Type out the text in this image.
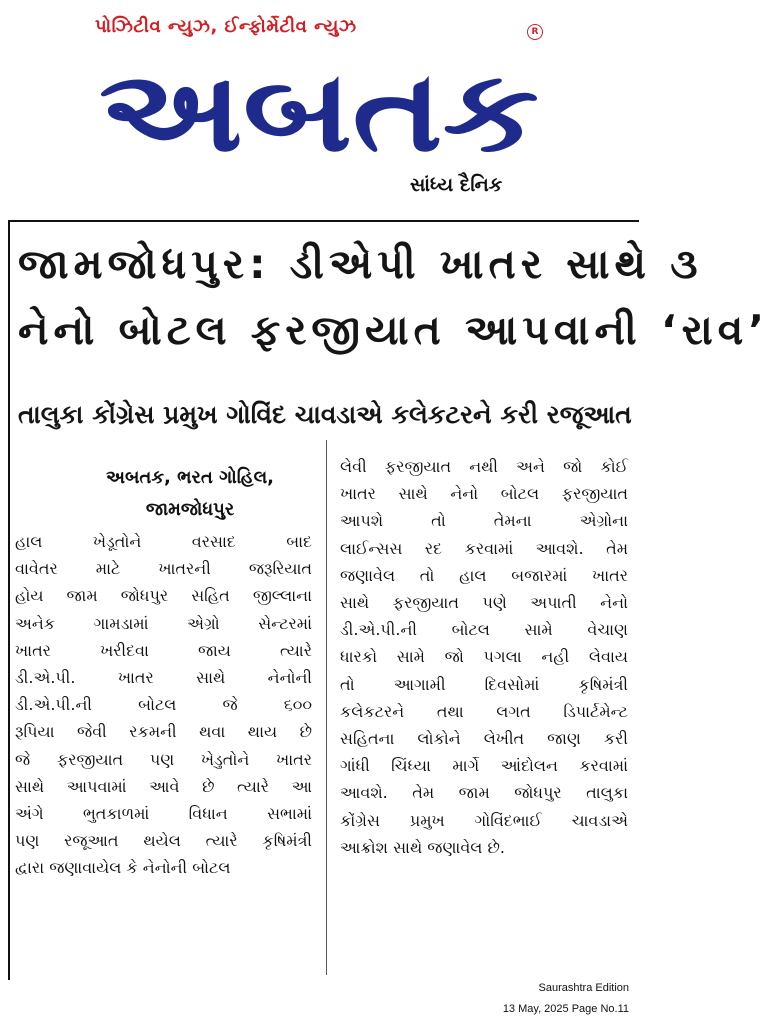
પોઝિટીવ ન્યુઝ, ઈન્ફોર્મેટીવ ન્યુઝ	R
અબતક
સાંધ્ય દૈનિક
જામજોધપુર: ડીએપી ખાતર સાથે ૩
નેનો બોટલ ફરજીયાત આપવાની ‘રાવ’
તાલુકા કોંગ્રેસ પ્રમુખ ગોવિંદ ચાવડાએ કલેકટરને કરી રજૂઆત
અબતક, ભરત ગોહિલ,
જામજોધપુર
હાલ ખેડૂતોને વરસાદ બાદ
વાવેતર માટે ખાતરની જરૂરિયાત
હોય જામ જોધપુર સહિત જીલ્લાના
અનેક ગામડામાં એગ્રો સેન્ટરમાં
ખાતર ખરીદવા જાય ત્યારે
ડી.એ.પી. ખાતર સાથે નેનોની
ડી.એ.પી.ની બોટલ જે ૬૦૦
રૂપિયા જેવી રકમની થવા થાય છે
જે ફરજીયાત પણ ખેડુતોને ખાતર
સાથે આપવામાં આવે છે ત્યારે આ
અંગે ભુતકાળમાં વિધાન સભામાં
પણ રજૂઆત થયેલ ત્યારે કૃષિમંત્રી
દ્વારા જણાવાયેલ કે નેનોની બોટલ
લેવી ફરજીયાત નથી અને જો કોઈ
ખાતર સાથે નેનો બોટલ ફરજીયાત
આપશે તો તેમના એગ્રોના
લાઈન્સસ રદ કરવામાં આવશે. તેમ
જણાવેલ તો હાલ બજારમાં ખાતર
સાથે ફરજીયાત પણે અપાતી નેનો
ડી.એ.પી.ની બોટલ સામે વેચાણ
ધારકો સામે જો પગલા નહી લેવાય
તો આગામી દિવસોમાં કૃષિમંત્રી
કલેકટરને તથા લગત ડિપાર્ટમેન્ટ
સહિતના લોકોને લેખીત જાણ કરી
ગાંધી ચિંધ્યા માર્ગે આંદોલન કરવામાં
આવશે. તેમ જામ જોધપુર તાલુકા
કોંગ્રેસ પ્રમુખ ગોવિંદભાઈ ચાવડાએ
આક્રોશ સાથે જણાવેલ છે.
Saurashtra Edition
13 May, 2025 Page No.11
